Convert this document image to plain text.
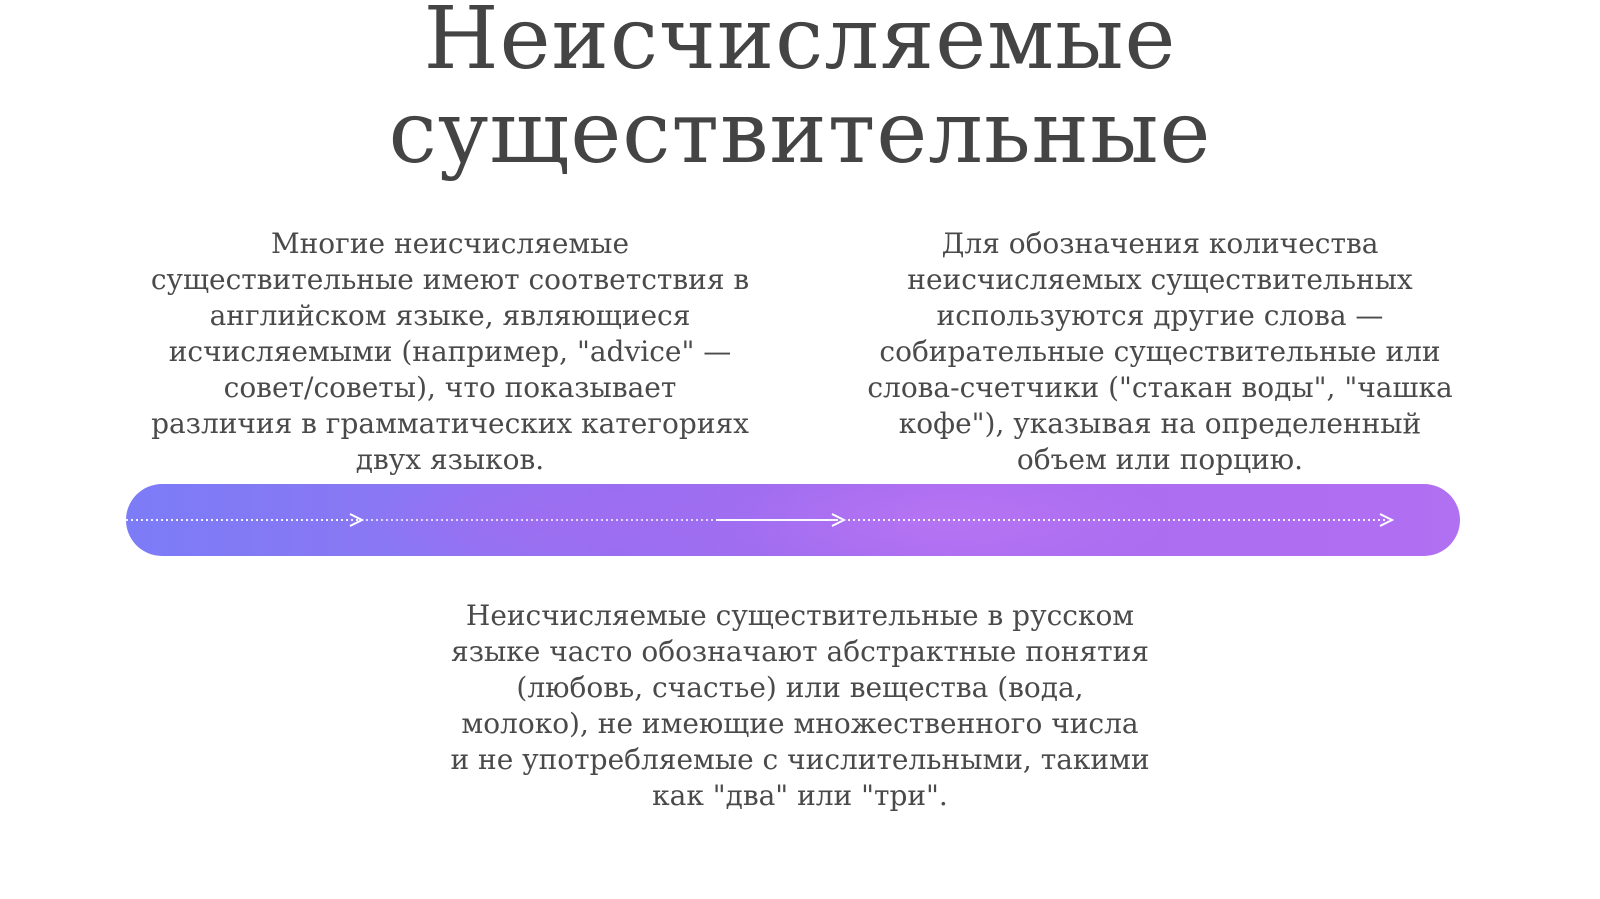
Неисчисляемые
существительные

Многие неисчисляемые существительные имеют соответствия в английском языке, являющиеся исчисляемыми (например, "advice" — совет/советы), что показывает различия в грамматических категориях двух языков.

Для обозначения количества неисчисляемых существительных используются другие слова — собирательные существительные или слова-счетчики ("стакан воды", "чашка кофе"), указывая на определенный объем или порцию.

Неисчисляемые существительные в русском языке часто обозначают абстрактные понятия (любовь, счастье) или вещества (вода, молоко), не имеющие множественного числа и не употребляемые с числительными, такими как "два" или "три".
